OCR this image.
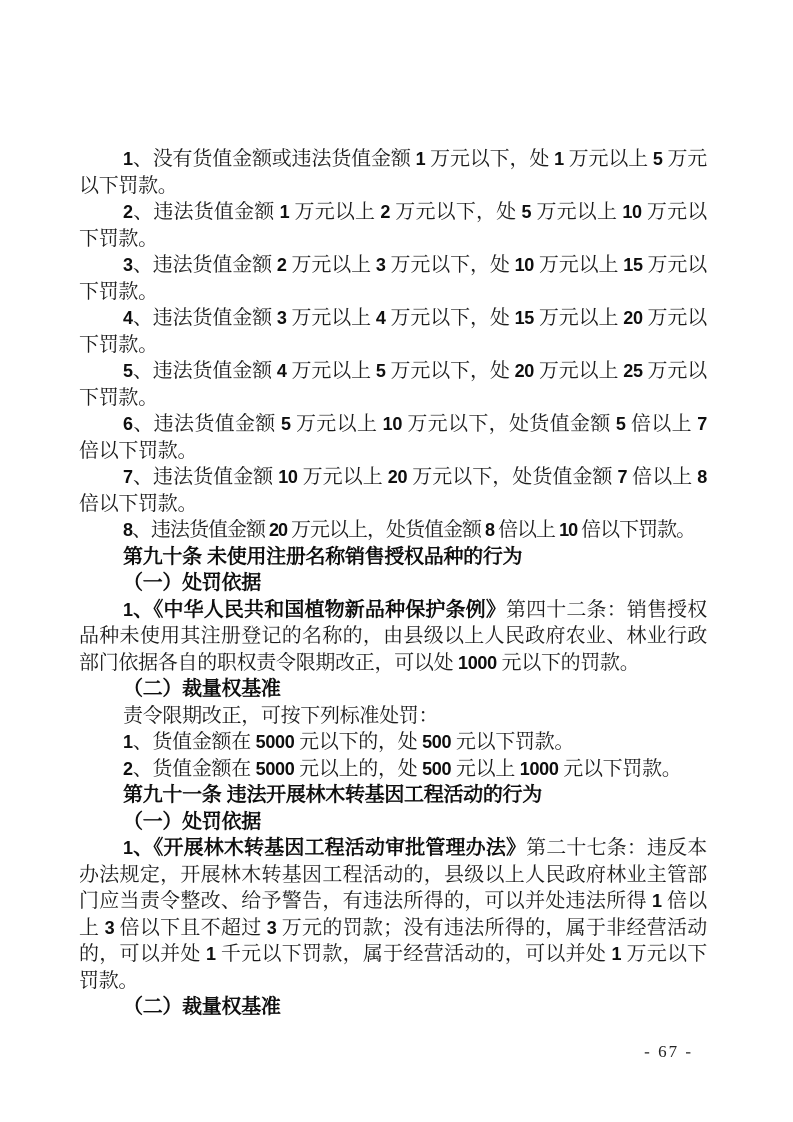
1、没有货值金额或违法货值金额 1 万元以下，处 1 万元以上 5 万元以下罚款。

2、违法货值金额 1 万元以上 2 万元以下，处 5 万元以上 10 万元以下罚款。

3、违法货值金额 2 万元以上 3 万元以下，处 10 万元以上 15 万元以下罚款。

4、违法货值金额 3 万元以上 4 万元以下，处 15 万元以上 20 万元以下罚款。

5、违法货值金额 4 万元以上 5 万元以下，处 20 万元以上 25 万元以下罚款。

6、违法货值金额 5 万元以上 10 万元以下，处货值金额 5 倍以上 7 倍以下罚款。

7、违法货值金额 10 万元以上 20 万元以下，处货值金额 7 倍以上 8 倍以下罚款。

8、违法货值金额 20 万元以上，处货值金额 8 倍以上 10 倍以下罚款。

第九十条 未使用注册名称销售授权品种的行为

（一）处罚依据

1、《中华人民共和国植物新品种保护条例》第四十二条：销售授权品种未使用其注册登记的名称的，由县级以上人民政府农业、林业行政部门依据各自的职权责令限期改正，可以处 1000 元以下的罚款。

（二）裁量权基准

责令限期改正，可按下列标准处罚：

1、货值金额在 5000 元以下的，处 500 元以下罚款。

2、货值金额在 5000 元以上的，处 500 元以上 1000 元以下罚款。

第九十一条 违法开展林木转基因工程活动的行为

（一）处罚依据

1、《开展林木转基因工程活动审批管理办法》第二十七条：违反本办法规定，开展林木转基因工程活动的，县级以上人民政府林业主管部门应当责令整改、给予警告，有违法所得的，可以并处违法所得 1 倍以上 3 倍以下且不超过 3 万元的罚款；没有违法所得的，属于非经营活动的，可以并处 1 千元以下罚款，属于经营活动的，可以并处 1 万元以下罚款。

（二）裁量权基准

- 67 -
